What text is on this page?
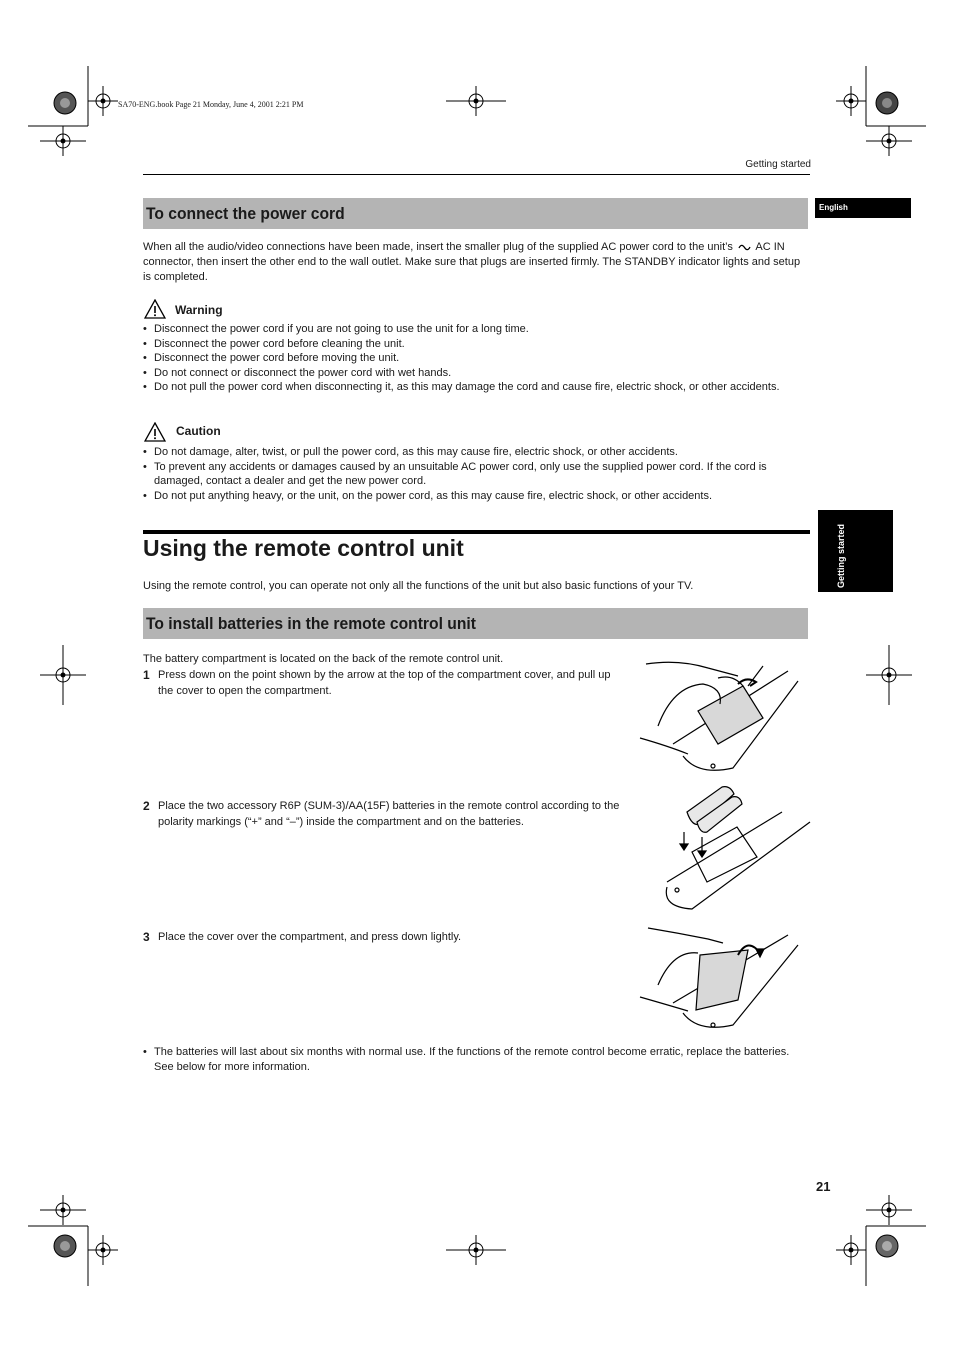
SA70-ENG.book Page 21 Monday, June 4, 2001 2:21 PM
Getting started
English
Getting started
To connect the power cord
When all the audio/video connections have been made, insert the smaller plug of the supplied AC power cord to the unit’s AC IN connector, then insert the other end to the wall outlet. Make sure that plugs are inserted firmly. The STANDBY indicator lights and setup is completed.
Warning
• Disconnect the power cord if you are not going to use the unit for a long time.
• Disconnect the power cord before cleaning the unit.
• Disconnect the power cord before moving the unit.
• Do not connect or disconnect the power cord with wet hands.
• Do not pull the power cord when disconnecting it, as this may damage the cord and cause fire, electric shock, or other accidents.
Caution
• Do not damage, alter, twist, or pull the power cord, as this may cause fire, electric shock, or other accidents.
• To prevent any accidents or damages caused by an unsuitable AC power cord, only use the supplied power cord. If the cord is damaged, contact a dealer and get the new power cord.
• Do not put anything heavy, or the unit, on the power cord, as this may cause fire, electric shock, or other accidents.
Using the remote control unit
Using the remote control, you can operate not only all the functions of the unit but also basic functions of your TV.
To install batteries in the remote control unit
The battery compartment is located on the back of the remote control unit.
1 Press down on the point shown by the arrow at the top of the compartment cover, and pull up the cover to open the compartment.

2 Place the two accessory R6P (SUM-3)/AA(15F) batteries in the remote control according to the polarity markings (“+” and “–”) inside the compartment and on the batteries.

3 Place the cover over the compartment, and press down lightly.

• The batteries will last about six months with normal use. If the functions of the remote control become erratic, replace the batteries. See below for more information.
21
